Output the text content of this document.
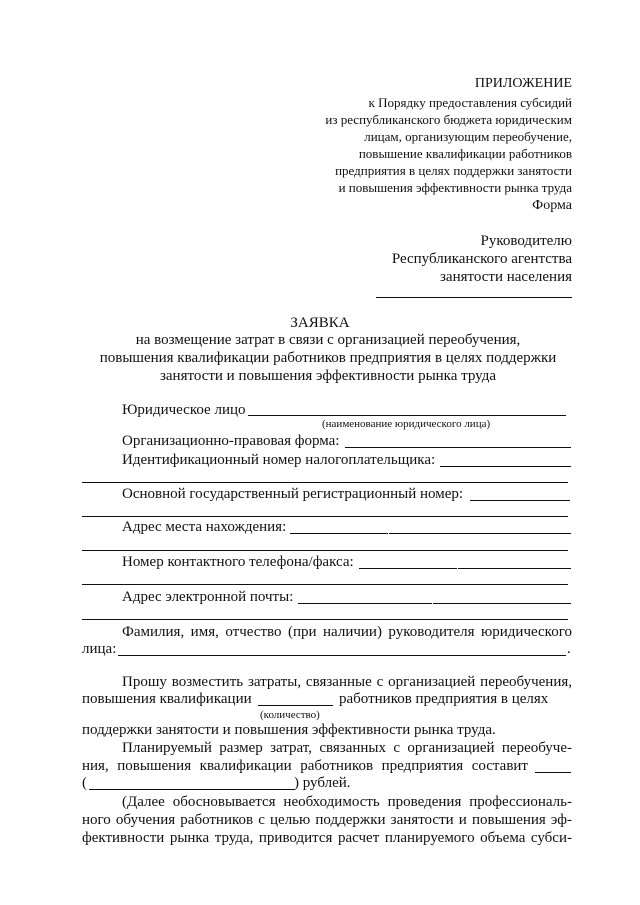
ПРИЛОЖЕНИЕ
к Порядку предоставления субсидий
из республиканского бюджета юридическим
лицам, организующим переобучение,
повышение квалификации работников
предприятия в целях поддержки занятости
и повышения эффективности рынка труда
Форма
Руководителю
Республиканского агентства
занятости населения
ЗАЯВКА
на возмещение затрат в связи с организацией переобучения,
повышения квалификации работников предприятия в целях поддержки
занятости и повышения эффективности рынка труда
Юридическое лицо
(наименование юридического лица)
Организационно-правовая форма:
Идентификационный номер налогоплательщика:
Основной государственный регистрационный номер:
Адрес места нахождения:
Номер контактного телефона/факса:
Адрес электронной почты:
Фамилия, имя, отчество (при наличии) руководителя юридического
лица:	.
Прошу возместить затраты, связанные с организацией переобучения,
повышения квалификации	работников предприятия в целях
(количество)
поддержки занятости и повышения эффективности рынка труда.
Планируемый размер затрат, связанных с организацией переобуче-
ния, повышения квалификации работников предприятия составит
(	) рублей.
(Далее обосновывается необходимость проведения профессиональ-
ного обучения работников с целью поддержки занятости и повышения эф-
фективности рынка труда, приводится расчет планируемого объема субси-
